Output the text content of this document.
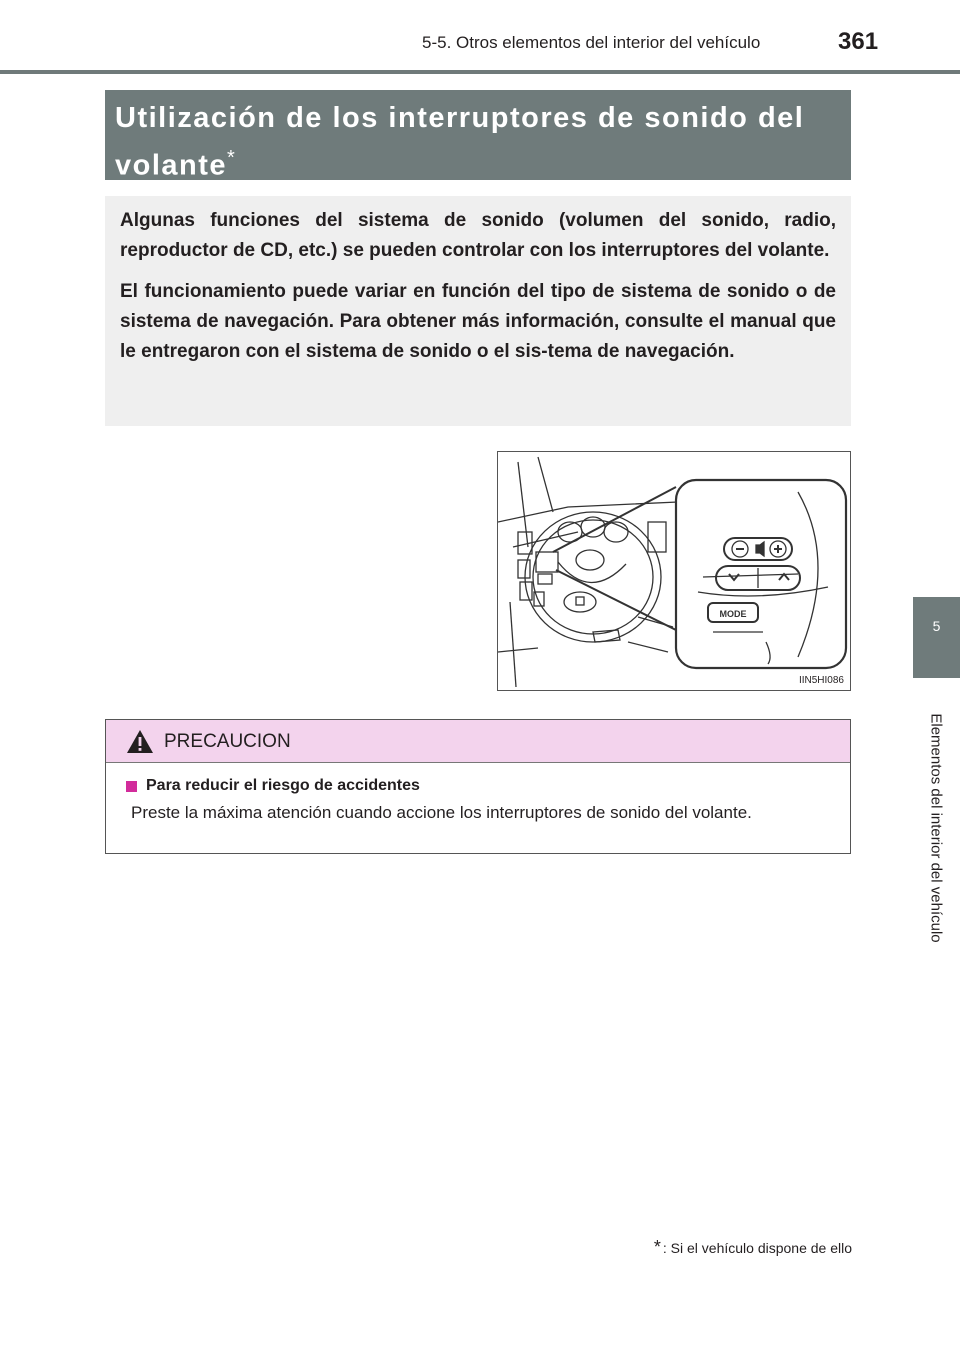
5-5. Otros elementos del interior del vehículo	361
Utilización de los interruptores de sonido del volante*

Algunas funciones del sistema de sonido (volumen del sonido, radio, reproductor de CD, etc.) se pueden controlar con los interruptores del volante.

El funcionamiento puede variar en función del tipo de sistema de sonido o de sistema de navegación. Para obtener más información, consulte el manual que le entregaron con el sistema de sonido o el sis-tema de navegación.

MODE
IIN5HI086
PRECAUCION
Para reducir el riesgo de accidentes
Preste la máxima atención cuando accione los interruptores de sonido del volante.
* : Si el vehículo dispone de ello
5
Elementos del interior del vehículo
